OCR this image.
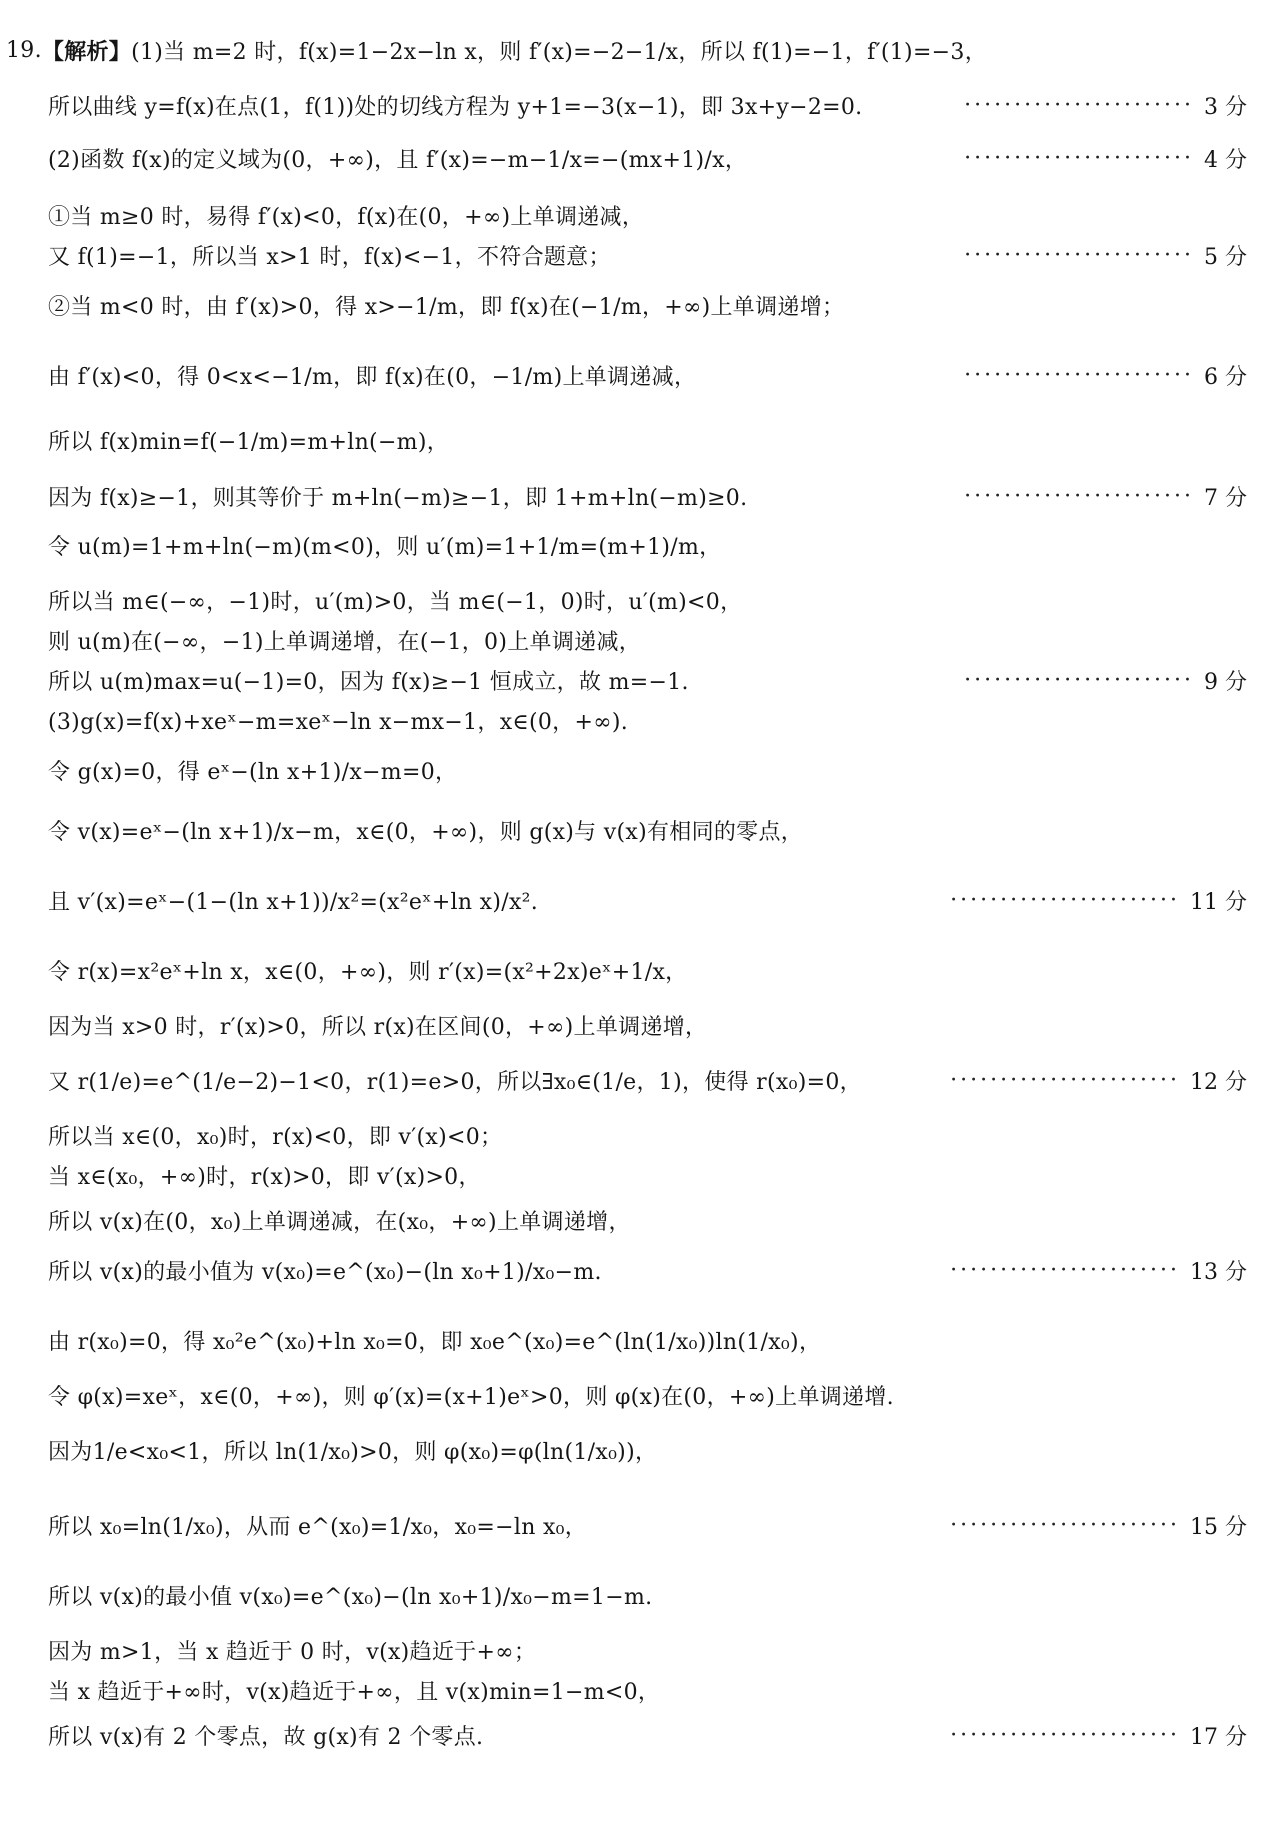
19. 【解析】 (1)当 m=2 时，f(x)=1−2x−ln x，则 f′(x)=−2−1/x，所以 f(1)=−1，f′(1)=−3，
所以曲线 y=f(x)在点(1，f(1))处的切线方程为 y+1=−3(x−1)，即 3x+y−2=0.	······················· 3 分
(2)函数 f(x)的定义域为(0，+∞)，且 f′(x)=−m−1/x=−(mx+1)/x，	······················· 4 分
①当 m≥0 时，易得 f′(x)<0，f(x)在(0，+∞)上单调递减，
又 f(1)=−1，所以当 x>1 时，f(x)<−1，不符合题意；	······················· 5 分
②当 m<0 时，由 f′(x)>0，得 x>−1/m，即 f(x)在(−1/m，+∞)上单调递增；
由 f′(x)<0，得 0<x<−1/m，即 f(x)在(0，−1/m)上单调递减，	······················· 6 分
所以 f(x)min=f(−1/m)=m+ln(−m)，
因为 f(x)≥−1，则其等价于 m+ln(−m)≥−1，即 1+m+ln(−m)≥0.	······················· 7 分
令 u(m)=1+m+ln(−m)(m<0)，则 u′(m)=1+1/m=(m+1)/m，
所以当 m∈(−∞，−1)时，u′(m)>0，当 m∈(−1，0)时，u′(m)<0，
则 u(m)在(−∞，−1)上单调递增，在(−1，0)上单调递减，
所以 u(m)max=u(−1)=0，因为 f(x)≥−1 恒成立，故 m=−1.	······················· 9 分
(3)g(x)=f(x)+xeˣ−m=xeˣ−ln x−mx−1，x∈(0，+∞).
令 g(x)=0，得 eˣ−(ln x+1)/x−m=0，
令 v(x)=eˣ−(ln x+1)/x−m，x∈(0，+∞)，则 g(x)与 v(x)有相同的零点，
且 v′(x)=eˣ−(1−(ln x+1))/x²=(x²eˣ+ln x)/x².	······················· 11 分
令 r(x)=x²eˣ+ln x，x∈(0，+∞)，则 r′(x)=(x²+2x)eˣ+1/x，
因为当 x>0 时，r′(x)>0，所以 r(x)在区间(0，+∞)上单调递增，
又 r(1/e)=e^(1/e−2)−1<0，r(1)=e>0，所以∃x₀∈(1/e，1)，使得 r(x₀)=0，	······················· 12 分
所以当 x∈(0，x₀)时，r(x)<0，即 v′(x)<0；
当 x∈(x₀，+∞)时，r(x)>0，即 v′(x)>0，
所以 v(x)在(0，x₀)上单调递减，在(x₀，+∞)上单调递增，
所以 v(x)的最小值为 v(x₀)=e^(x₀)−(ln x₀+1)/x₀−m.	······················· 13 分
由 r(x₀)=0，得 x₀²e^(x₀)+ln x₀=0，即 x₀e^(x₀)=e^(ln(1/x₀))ln(1/x₀)，
令 φ(x)=xeˣ，x∈(0，+∞)，则 φ′(x)=(x+1)eˣ>0，则 φ(x)在(0，+∞)上单调递增.
因为1/e<x₀<1，所以 ln(1/x₀)>0，则 φ(x₀)=φ(ln(1/x₀))，
所以 x₀=ln(1/x₀)，从而 e^(x₀)=1/x₀，x₀=−ln x₀，	······················· 15 分
所以 v(x)的最小值 v(x₀)=e^(x₀)−(ln x₀+1)/x₀−m=1−m.
因为 m>1，当 x 趋近于 0 时，v(x)趋近于+∞；
当 x 趋近于+∞时，v(x)趋近于+∞，且 v(x)min=1−m<0，
所以 v(x)有 2 个零点，故 g(x)有 2 个零点.	······················· 17 分
